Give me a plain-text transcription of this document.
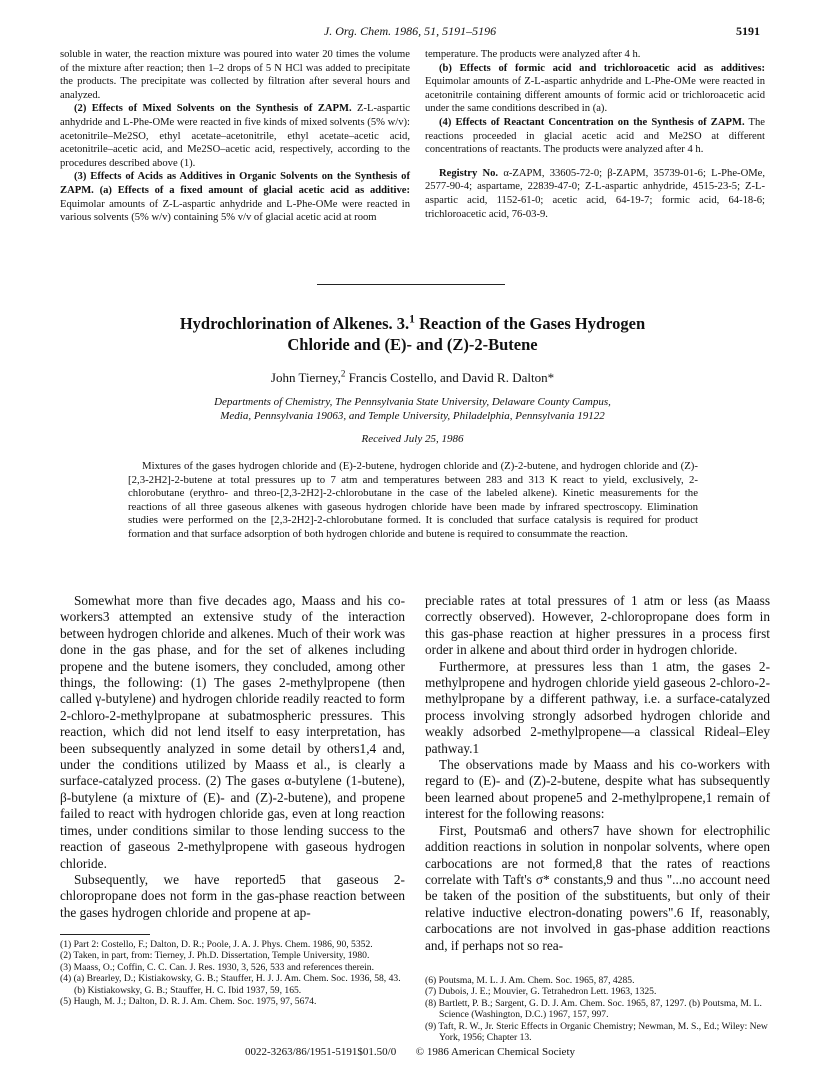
J. Org. Chem. 1986, 51, 5191–5196	5191

soluble in water, the reaction mixture was poured into water 20 times the volume of the mixture after reaction; then 1–2 drops of 5 N HCl was added to precipitate the products. The precipitate was collected by filtration after several hours and analyzed.

(2) Effects of Mixed Solvents on the Synthesis of ZAPM. Z-L-aspartic anhydride and L-Phe-OMe were reacted in five kinds of mixed solvents (5% w/v): acetonitrile–Me2SO, ethyl acetate–acetonitrile, ethyl acetate–acetic acid, acetonitrile–acetic acid, and Me2SO–acetic acid, respectively, according to the procedures described above (1).

(3) Effects of Acids as Additives in Organic Solvents on the Synthesis of ZAPM. (a) Effects of a fixed amount of glacial acetic acid as additive: Equimolar amounts of Z-L-aspartic anhydride and L-Phe-OMe were reacted in various solvents (5% w/v) containing 5% v/v of glacial acetic acid at room

temperature. The products were analyzed after 4 h.

(b) Effects of formic acid and trichloroacetic acid as additives: Equimolar amounts of Z-L-aspartic anhydride and L-Phe-OMe were reacted in acetonitrile containing different amounts of formic acid or trichloroacetic acid under the same conditions described in (a).

(4) Effects of Reactant Concentration on the Synthesis of ZAPM. The reactions proceeded in glacial acetic acid and Me2SO at different concentrations of reactants. The products were analyzed after 4 h.

Registry No. α-ZAPM, 33605-72-0; β-ZAPM, 35739-01-6; L-Phe-OMe, 2577-90-4; aspartame, 22839-47-0; Z-L-aspartic anhydride, 4515-23-5; Z-L-aspartic acid, 1152-61-0; acetic acid, 64-19-7; formic acid, 64-18-6; trichloroacetic acid, 76-03-9.

Hydrochlorination of Alkenes. 3.$^1$ Reaction of the Gases Hydrogen
Chloride and (E)- and (Z)-2-Butene
John Tierney,$^2$ Francis Costello, and David R. Dalton*
Departments of Chemistry, The Pennsylvania State University, Delaware County Campus,
Media, Pennsylvania 19063, and Temple University, Philadelphia, Pennsylvania 19122
Received July 25, 1986
Mixtures of the gases hydrogen chloride and (E)-2-butene, hydrogen chloride and (Z)-2-butene, and hydrogen chloride and (Z)-[2,3-2H2]-2-butene at total pressures up to 7 atm and temperatures between 283 and 313 K react to yield, exclusively, 2-chlorobutane (erythro- and threo-[2,3-2H2]-2-chlorobutane in the case of the labeled alkene). Kinetic measurements for the reactions of all three gaseous alkenes with gaseous hydrogen chloride have been made by infrared spectroscopy. Elimination studies were performed on the [2,3-2H2]-2-chlorobutane formed. It is concluded that surface catalysis is required for product formation and that surface adsorption of both hydrogen chloride and butene is required to consummate the reaction.

Somewhat more than five decades ago, Maass and his co-workers3 attempted an extensive study of the interaction between hydrogen chloride and alkenes. Much of their work was done in the gas phase, and for the set of alkenes including propene and the butene isomers, they concluded, among other things, the following: (1) The gases 2-methylpropene (then called γ-butylene) and hydrogen chloride readily reacted to form 2-chloro-2-methylpropane at subatmospheric pressures. This reaction, which did not lend itself to easy interpretation, has been subsequently analyzed in some detail by others1,4 and, under the conditions utilized by Maass et al., is clearly a surface-catalyzed process. (2) The gases α-butylene (1-butene), β-butylene (a mixture of (E)- and (Z)-2-butene), and propene failed to react with hydrogen chloride gas, even at long reaction times, under conditions similar to those lending success to the reaction of gaseous 2-methylpropene with gaseous hydrogen chloride.

Subsequently, we have reported5 that gaseous 2-chloropropane does not form in the gas-phase reaction between the gases hydrogen chloride and propene at ap-

preciable rates at total pressures of 1 atm or less (as Maass correctly observed). However, 2-chloropropane does form in this gas-phase reaction at higher pressures in a process first order in alkene and about third order in hydrogen chloride.

Furthermore, at pressures less than 1 atm, the gases 2-methylpropene and hydrogen chloride yield gaseous 2-chloro-2-methylpropane by a different pathway, i.e. a surface-catalyzed process involving strongly adsorbed hydrogen chloride and weakly adsorbed 2-methylpropene—a classical Rideal–Eley pathway.1

The observations made by Maass and his co-workers with regard to (E)- and (Z)-2-butene, despite what has subsequently been learned about propene5 and 2-methylpropene,1 remain of interest for the following reasons:

First, Poutsma6 and others7 have shown for electrophilic addition reactions in solution in nonpolar solvents, where open carbocations are not formed,8 that the rates of reactions correlate with Taft's σ* constants,9 and thus "...no account need be taken of the position of the substituents, but only of their relative inductive electron-donating powers".6 If, reasonably, carbocations are not involved in gas-phase addition reactions and, if perhaps not so rea-

(1) Part 2: Costello, F.; Dalton, D. R.; Poole, J. A. J. Phys. Chem. 1986, 90, 5352.
(2) Taken, in part, from: Tierney, J. Ph.D. Dissertation, Temple University, 1980.
(3) Maass, O.; Coffin, C. C. Can. J. Res. 1930, 3, 526, 533 and references therein.
(4) (a) Brearley, D.; Kistiakowsky, G. B.; Stauffer, H. J. J. Am. Chem. Soc. 1936, 58, 43. (b) Kistiakowsky, G. B.; Stauffer, H. C. Ibid 1937, 59, 165.
(5) Haugh, M. J.; Dalton, D. R. J. Am. Chem. Soc. 1975, 97, 5674.
(6) Poutsma, M. L. J. Am. Chem. Soc. 1965, 87, 4285.
(7) Dubois, J. E.; Mouvier, G. Tetrahedron Lett. 1963, 1325.
(8) Bartlett, P. B.; Sargent, G. D. J. Am. Chem. Soc. 1965, 87, 1297. (b) Poutsma, M. L. Science (Washington, D.C.) 1967, 157, 997.
(9) Taft, R. W., Jr. Steric Effects in Organic Chemistry; Newman, M. S., Ed.; Wiley: New York, 1956; Chapter 13.
0022-3263/86/1951-5191$01.50/0 © 1986 American Chemical Society
